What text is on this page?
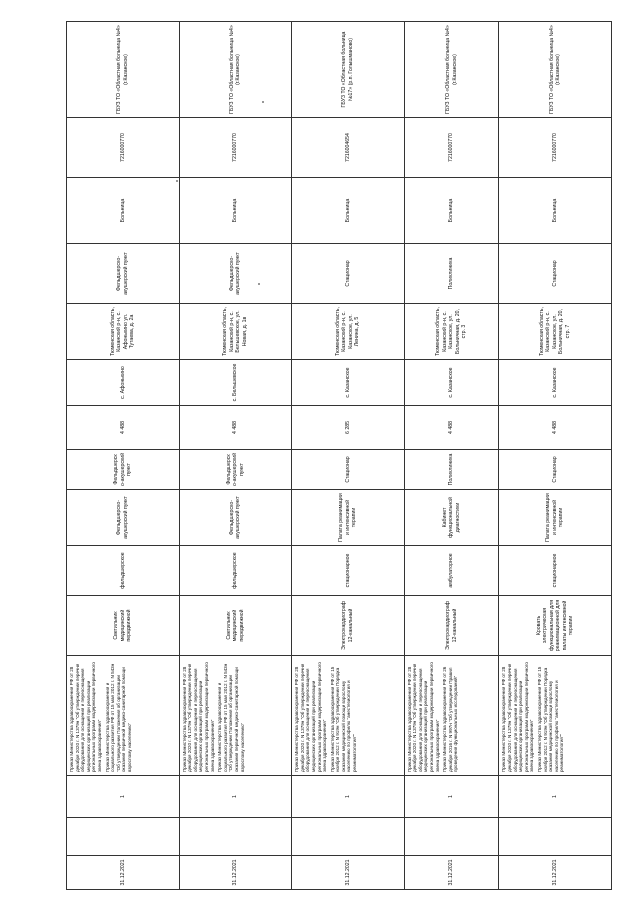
31.12.2021		1	Приказ Министерства здравоохранения РФ от 28 декабря 2020 г. N 1379н "Об утверждении перечня оборудования для оснащения и переоснащения медицинских организаций при реализации региональных программ модернизации первичного звена здравоохранения" Приказ Министерства здравоохранения и социального развития РФ от 15 мая 2012 г. N 543н "Об утверждении Положения об организации оказания первичной медико-санитарной помощи взрослому населению"	Светильник медицинский передвижной	фельдшерское	Фельдшерско-акушерский пункт	Фельдшерско-акушерский пункт	4 488	с. Афонькино	Тюменская область, Казанский р-н, с. Афонькино ул. Тутаева, д. 2а	Фельдшерско-акушерский пункт	Больница	7216000770	ГБУЗ ТО «Областная больница №4» (г.Казанское)	
31.12.2021		1	Приказ Министерства здравоохранения РФ от 28 декабря 2020 г. N 1379н "Об утверждении перечня оборудования для оснащения и переоснащения медицинских организаций при реализации региональных программ модернизации первичного звена здравоохранения" Приказ Министерства здравоохранения и социального развития РФ от 15 мая 2012 г. N 543н "Об утверждении Положения об организации оказания первичной медико-санитарной помощи взрослому населению"	Светильник медицинский передвижной	фельдшерское	Фельдшерско-акушерский пункт	Фельдшерско-акушерский пункт	4 488	с. Бельшевское	Тюменская область, Казанский р-н, с. Бельшевское, ул. Новая, д. 1в	Фельдшерско-акушерский пункт	Больница	7216000770	ГБУЗ ТО «Областная больница №4» (г.Казанское)	
31.12.2021		1	Приказ Министерства здравоохранения РФ от 28 декабря 2020 г. N 1379н "Об утверждении перечня оборудования для оснащения и переоснащения медицинских организаций при реализации региональных программ модернизации первичного звена здравоохранения" Приказ Министерства здравоохранения РФ от 15 ноября 2012 г. N 919н "Об утверждении Порядка оказания медицинской помощи взрослому населению по профилю "анестезиология и реаниматология""	Электрокардиограф 12-канальный	стационарное	Палата реанимации и интенсивной терапии	Стационар	6 285	с. Казанское	Тюменская область, Казанский р-н, с. Казанское, ул. Ленина, д. 5	Стационар	Больница	7216004654	ГБУЗ ТО «Областная больница №17» (р.п. Голышманово)	
31.12.2021		1	Приказ Министерства здравоохранения РФ от 28 декабря 2020 г. N 1379н "Об утверждении перечня оборудования для оснащения и переоснащения медицинских организаций при реализации региональных программ модернизации первичного звена здравоохранения" Приказ Министерства здравоохранения РФ от 26 декабря 2016 г. N 997н "Об утверждении Правил проведения функциональных исследований"	Электрокардиограф 12-канальный	амбулаторное	Кабинет функциональной диагностики	Поликлиника	4 488	с. Казанское	Тюменская область, Казанский р-н, с. Казанское, ул. Больничная, д. 20, стр. 3	Поликлиника	Больница	7216000770	ГБУЗ ТО «Областная больница №4» (г.Казанское)	
31.12.2021		1	Приказ Министерства здравоохранения РФ от 28 декабря 2020 г. N 1379н "Об утверждении перечня оборудования для оснащения и переоснащения медицинских организаций при реализации региональных программ модернизации первичного звена здравоохранения" Приказ Министерства здравоохранения РФ от 15 ноября 2012 г. N 919н "Об утверждении Порядка оказания медицинской помощи взрослому населению по профилю "анестезиология и реаниматология""	Кровать электрическая функциональная для реанимационной для палаты интенсивной терапии	стационарное	Палата реанимации и интенсивной терапии	Стационар	4 488	с. Казанское	Тюменская область, Казанский р-н, с. Казанское, ул. Больничная, д. 20, стр. 7	Стационар	Больница	7216000770	ГБУЗ ТО «Областная больница №4» (г.Казанское)	
